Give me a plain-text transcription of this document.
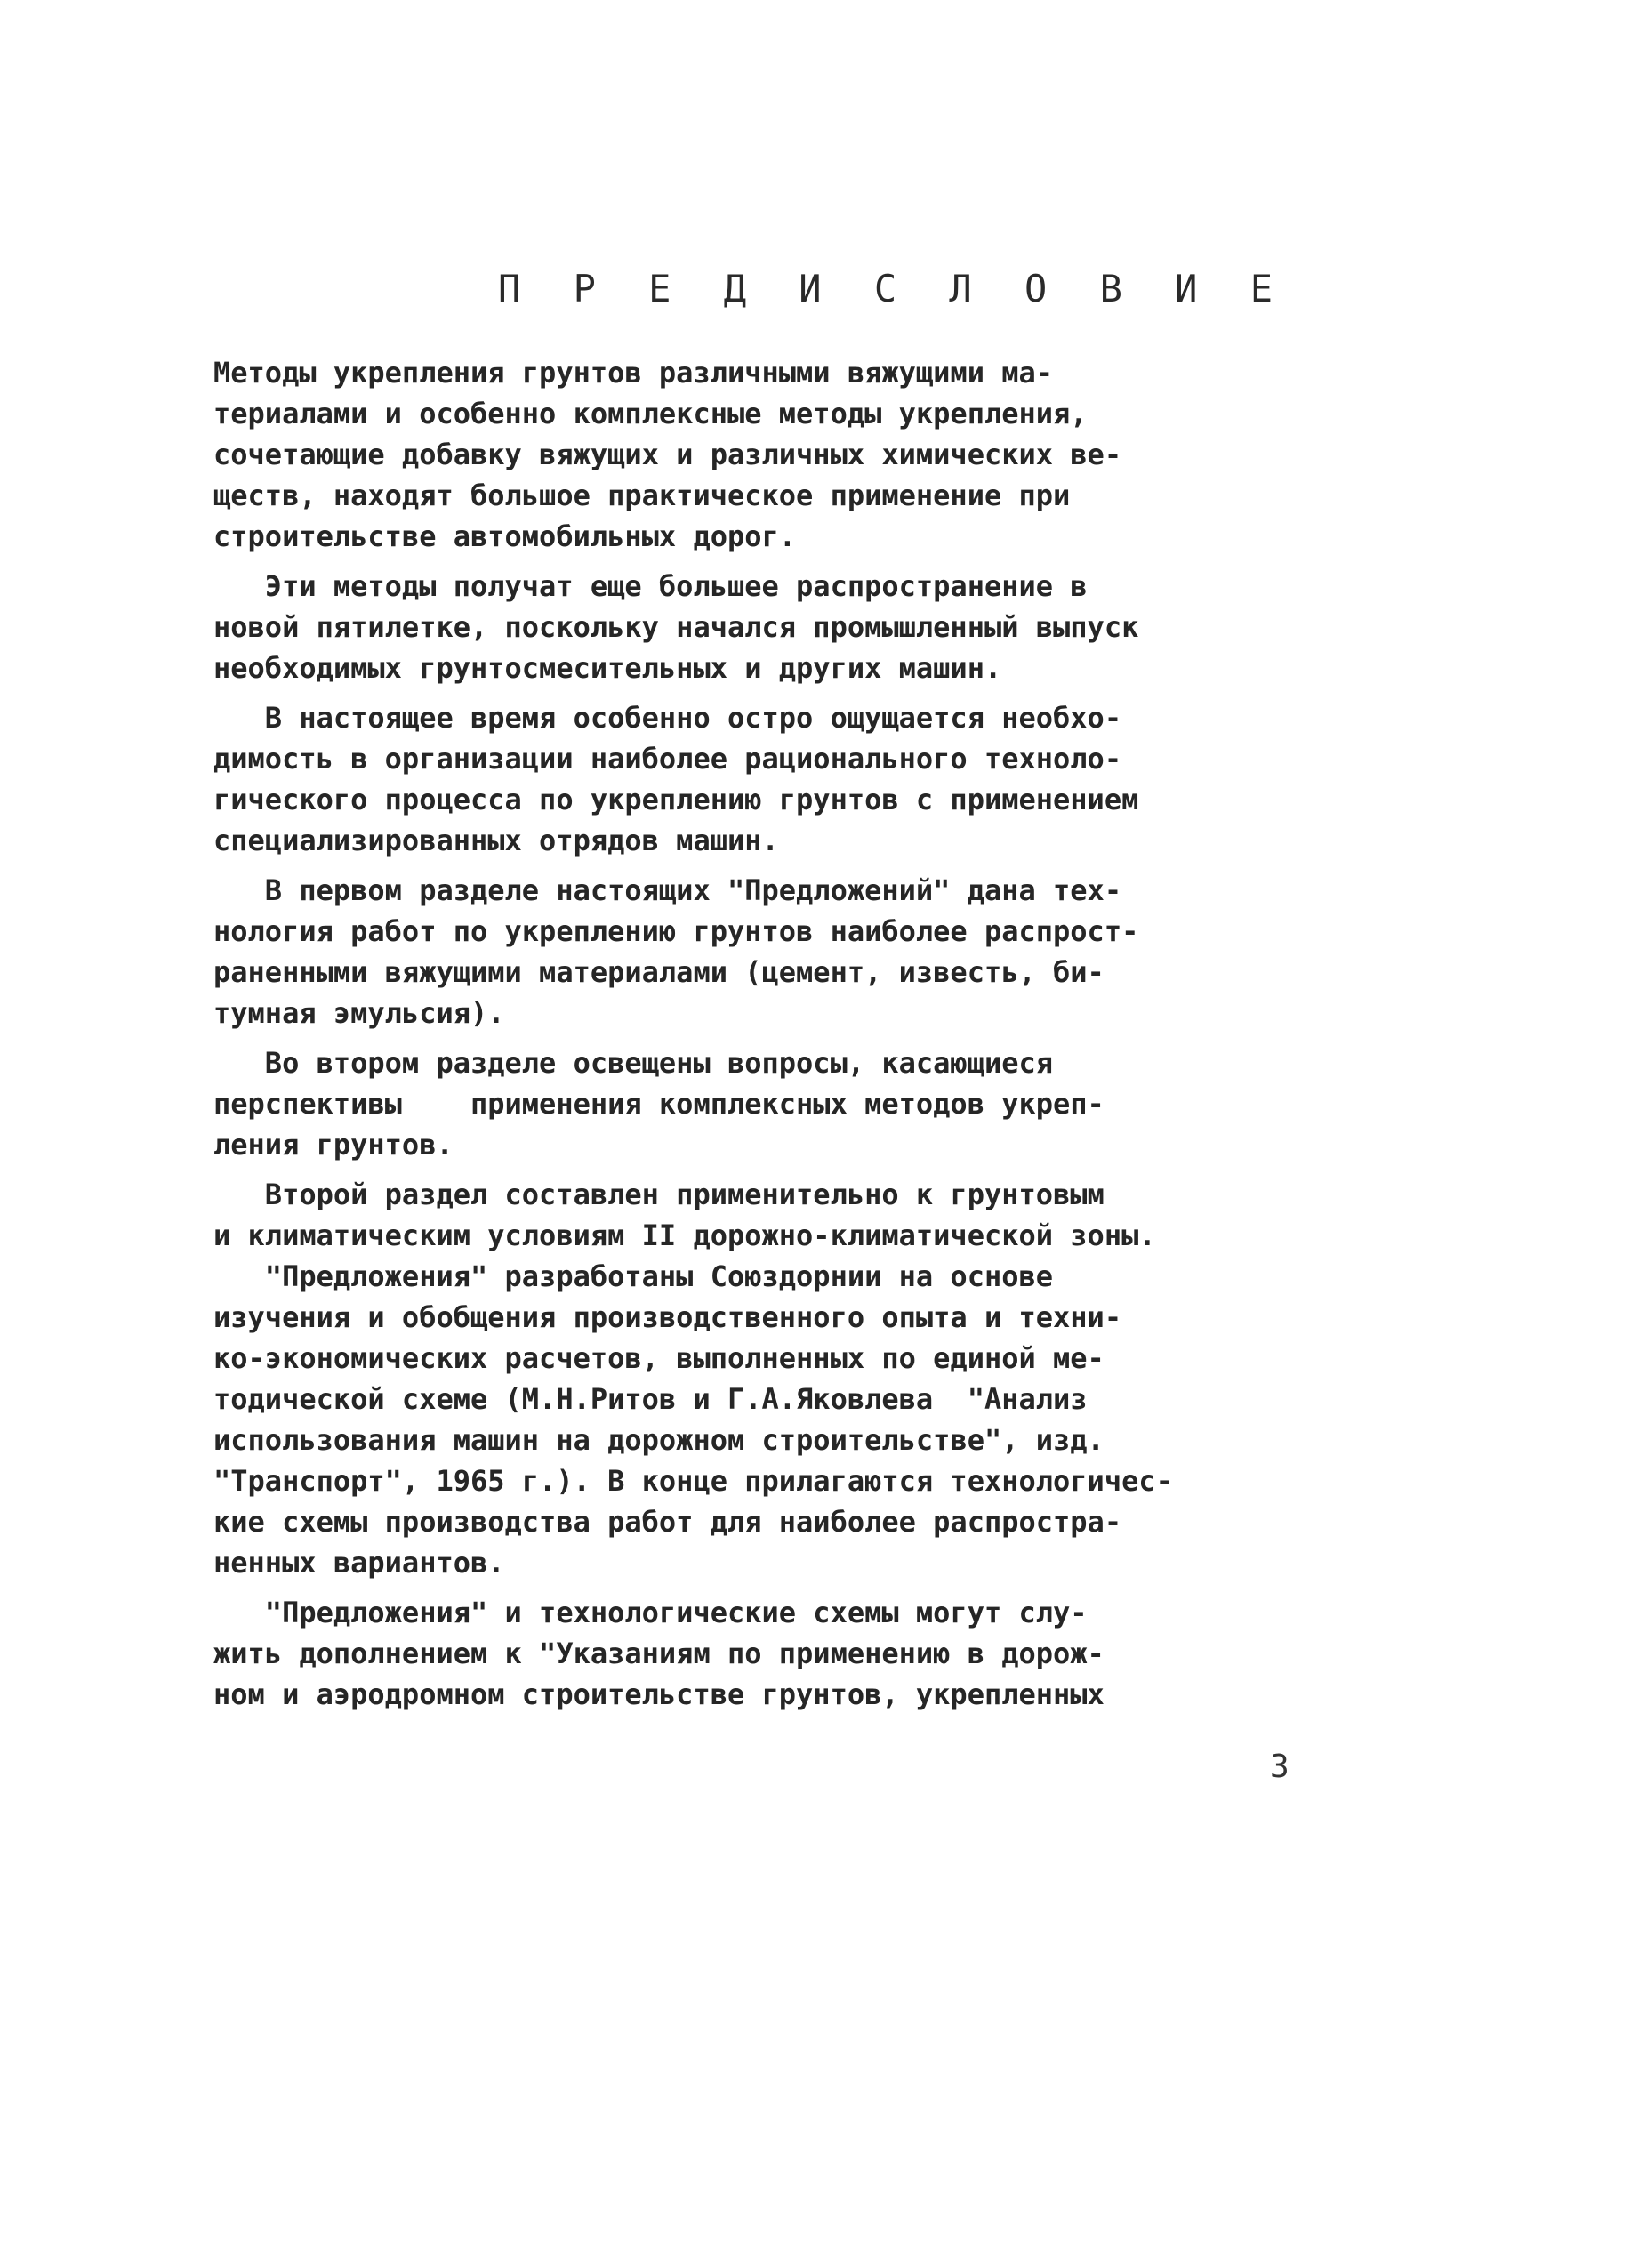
П Р Е Д И С Л О В И Е
Методы укрепления грунтов различными вяжущими ма-
териалами и особенно комплексные методы укрепления,
сочетающие добавку вяжущих и различных химических ве-
ществ, находят большое практическое применение при
строительстве автомобильных дорог.
Эти методы получат еще большее распространение в
новой пятилетке, поскольку начался промышленный выпуск
необходимых грунтосмесительных и других машин.
В настоящее время особенно остро ощущается необхо-
димость в организации наиболее рационального техноло-
гического процесса по укреплению грунтов с применением
специализированных отрядов машин.
В первом разделе настоящих "Предложений" дана тех-
нология работ по укреплению грунтов наиболее распрост-
раненными вяжущими материалами (цемент, известь, би-
тумная эмульсия).
Во втором разделе освещены вопросы, касающиеся
перспективы    применения комплексных методов укреп-
ления грунтов.
Второй раздел составлен применительно к грунтовым
и климатическим условиям II дорожно-климатической зоны.
"Предложения" разработаны Союздорнии на основе
изучения и обобщения производственного опыта и техни-
ко-экономических расчетов, выполненных по единой ме-
тодической схеме (М.Н.Ритов и Г.А.Яковлева  "Анализ
использования машин на дорожном строительстве", изд.
"Транспорт", 1965 г.). В конце прилагаются технологичес-
кие схемы производства работ для наиболее распростра-
ненных вариантов.
"Предложения" и технологические схемы могут слу-
жить дополнением к "Указаниям по применению в дорож-
ном и аэродромном строительстве грунтов, укрепленных
3
